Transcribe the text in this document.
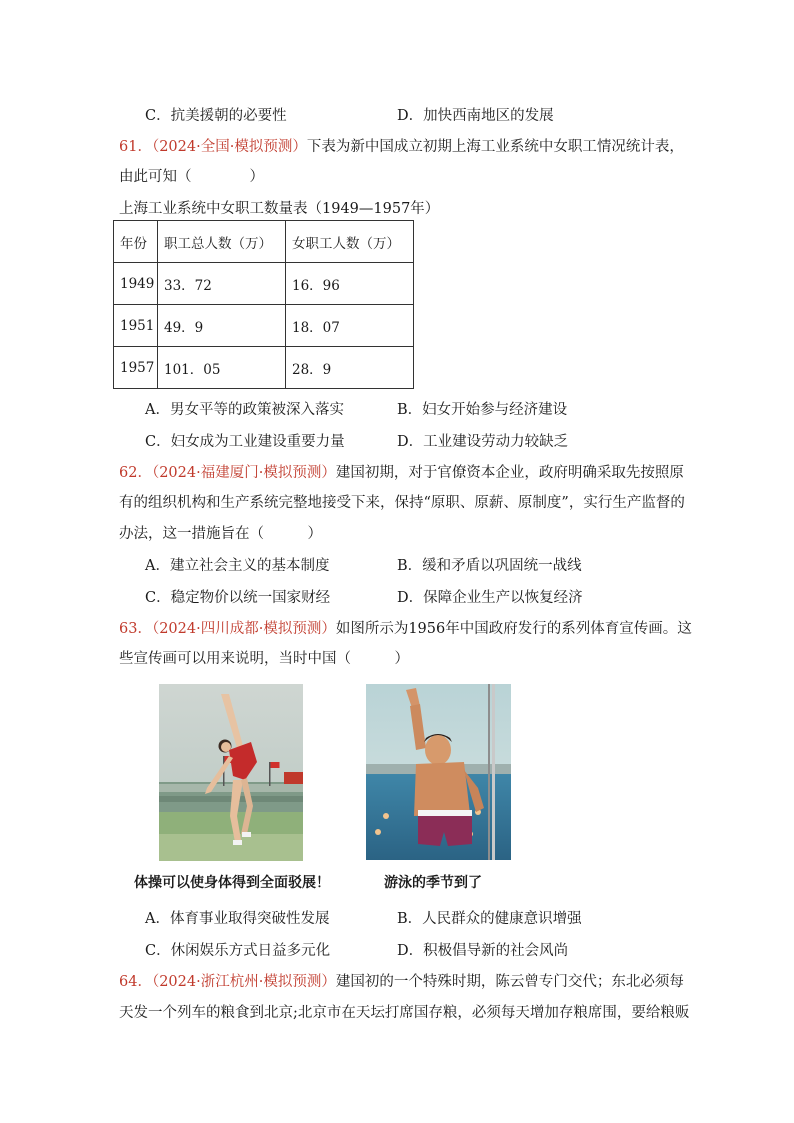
C．抗美援朝的必要性	D．加快西南地区的发展
61．（2024·全国·模拟预测）下表为新中国成立初期上海工业系统中女职工情况统计表，
由此可知（　　　　）
上海工业系统中女职工数量表（1949—1957年）
年份	职工总人数（万）	女职工人数（万）
1949	33．72	16．96
1951	49．9	18．07
1957	101．05	28．9
A．男女平等的政策被深入落实	B．妇女开始参与经济建设
C．妇女成为工业建设重要力量	D．工业建设劳动力较缺乏
62．（2024·福建厦门·模拟预测）建国初期，对于官僚资本企业，政府明确采取先按照原
有的组织机构和生产系统完整地接受下来，保持“原职、原薪、原制度”，实行生产监督的
办法，这一措施旨在（　　　）
A．建立社会主义的基本制度	B．缓和矛盾以巩固统一战线
C．稳定物价以统一国家财经	D．保障企业生产以恢复经济
63．（2024·四川成都·模拟预测）如图所示为1956年中国政府发行的系列体育宣传画。这
些宣传画可以用来说明，当时中国（　　　）
体操可以使身体得到全面驳展！	游泳的季节到了
A．体育事业取得突破性发展	B．人民群众的健康意识增强
C．休闲娱乐方式日益多元化	D．积极倡导新的社会风尚
64．（2024·浙江杭州·模拟预测）建国初的一个特殊时期，陈云曾专门交代；东北必须每
天发一个列车的粮食到北京;北京市在天坛打席国存粮，必须每天增加存粮席围，要给粮贩
